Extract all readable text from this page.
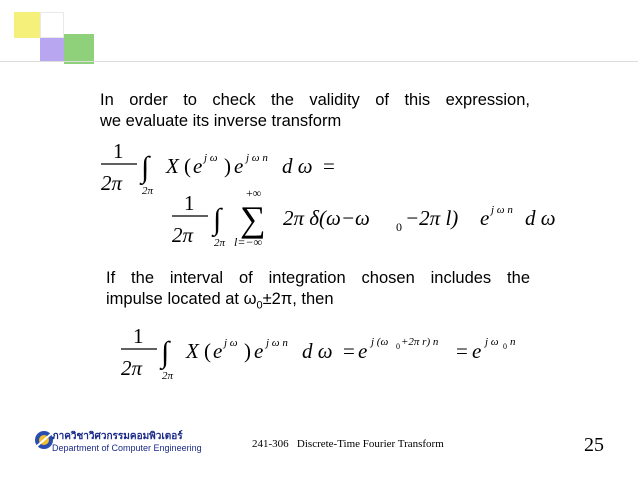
In order to check the validity of this expression,
we evaluate its inverse transform
1
2π ∫
2π
X ( e j ω ) e j ω n d ω =
1
2π ∫
2π
+∞
∑
l=−∞
2π δ(ω−ω 0 −2π l) e j ω n d ω
If the interval of integration chosen includes the
impulse located at $\omega_0\pm 2\pi$, then
1
2π ∫
2π
X ( e j ω ) e j ω n d ω = e j (ω 0 +2π r) n = e j ω 0 n
ภาควิชาวิศวกรรมคอมพิวเตอร์
Department of Computer Engineering	241-306   Discrete-Time Fourier Transform	25
